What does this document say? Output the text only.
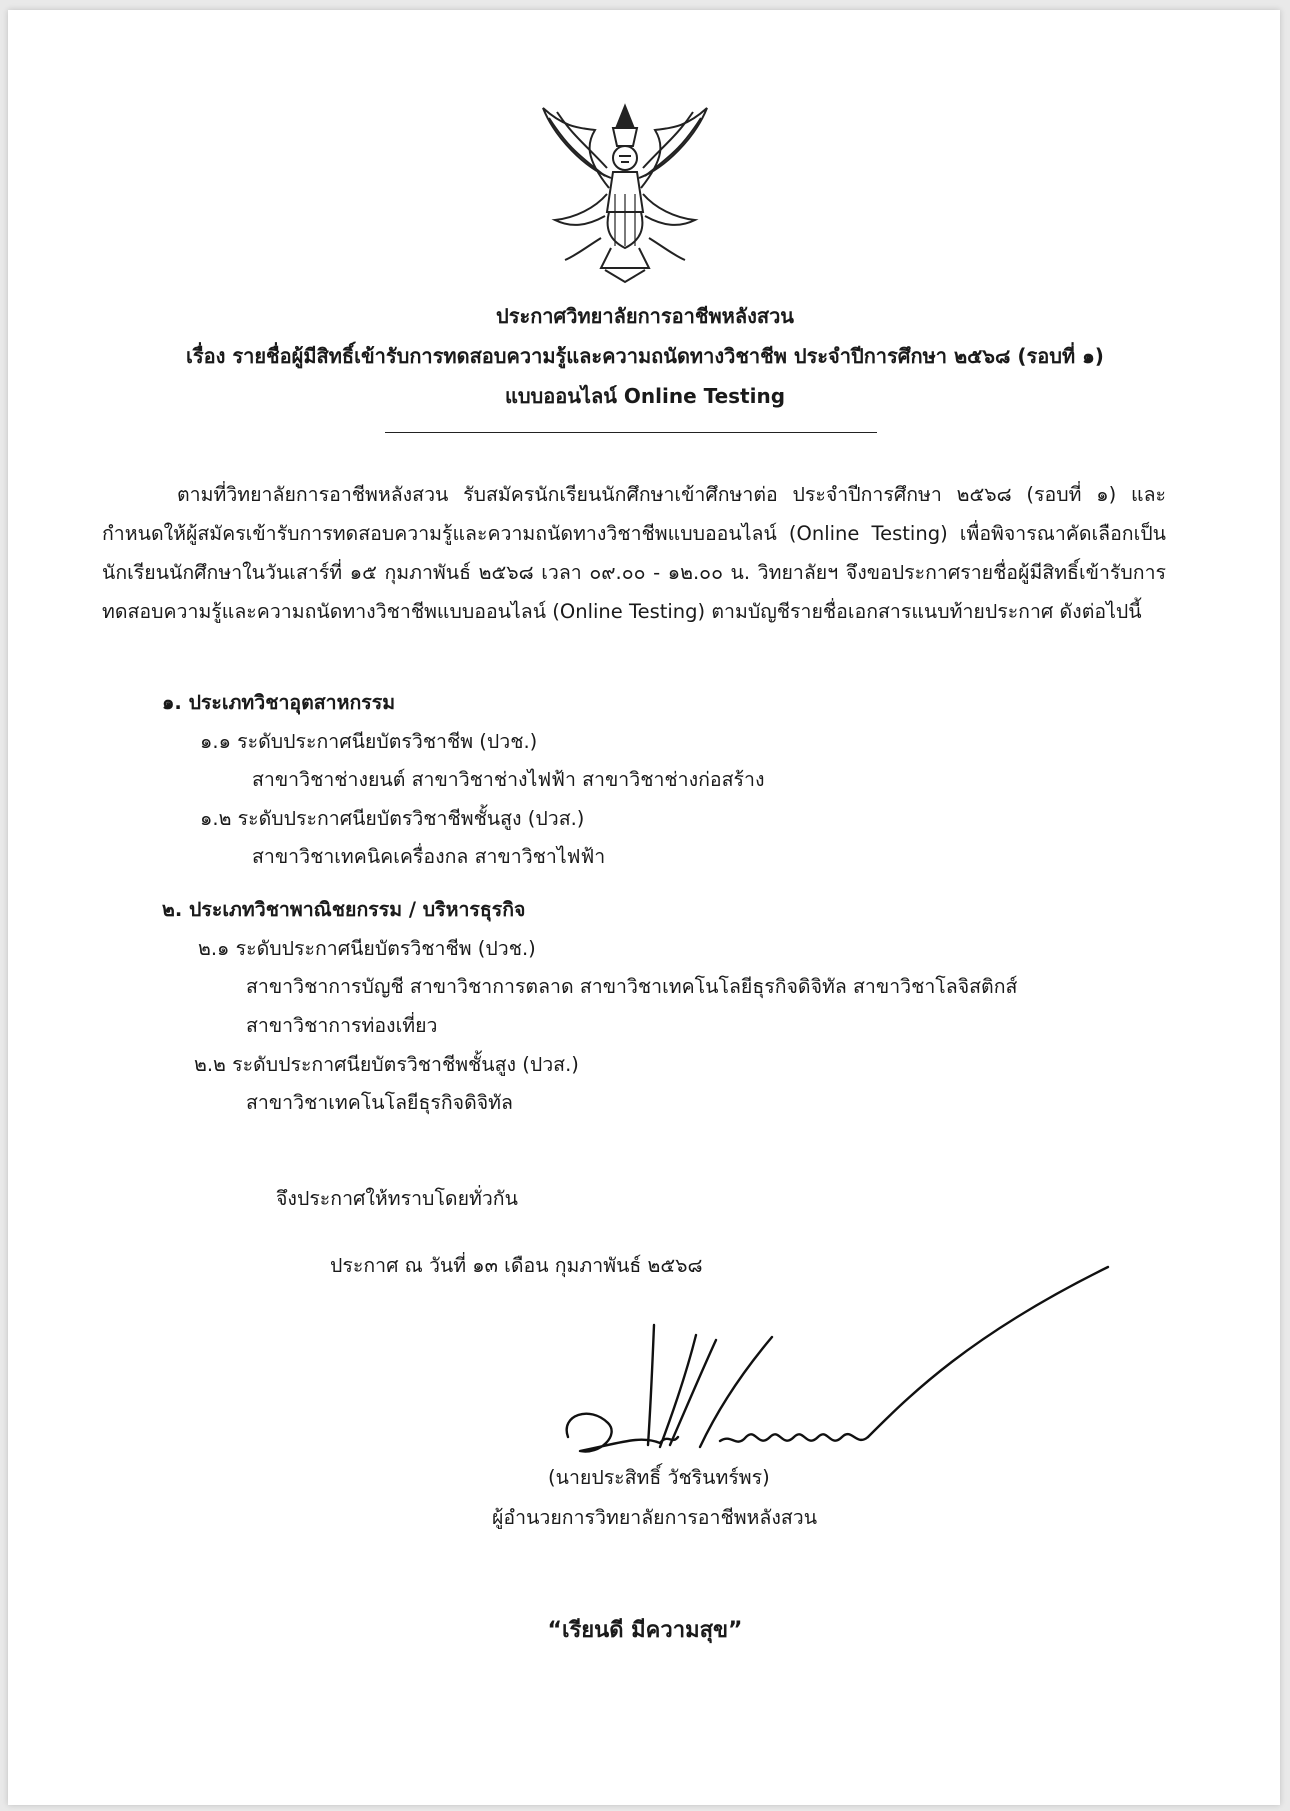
ประกาศวิทยาลัยการอาชีพหลังสวน
เรื่อง รายชื่อผู้มีสิทธิ์เข้ารับการทดสอบความรู้และความถนัดทางวิชาชีพ ประจำปีการศึกษา ๒๕๖๘ (รอบที่ ๑)
แบบออนไลน์ Online Testing
ตามที่วิทยาลัยการอาชีพหลังสวน รับสมัครนักเรียนนักศึกษาเข้าศึกษาต่อ ประจำปีการศึกษา ๒๕๖๘ (รอบที่ ๑) และกำหนดให้ผู้สมัครเข้ารับการทดสอบความรู้และความถนัดทางวิชาชีพแบบออนไลน์ (Online Testing) เพื่อพิจารณาคัดเลือกเป็นนักเรียนนักศึกษาในวันเสาร์ที่ ๑๕ กุมภาพันธ์ ๒๕๖๘ เวลา ๐๙.๐๐ - ๑๒.๐๐ น. วิทยาลัยฯ จึงขอประกาศรายชื่อผู้มีสิทธิ์เข้ารับการทดสอบความรู้และความถนัดทางวิชาชีพแบบออนไลน์ (Online Testing) ตามบัญชีรายชื่อเอกสารแนบท้ายประกาศ ดังต่อไปนี้
๑. ประเภทวิชาอุตสาหกรรม
๑.๑ ระดับประกาศนียบัตรวิชาชีพ (ปวช.)
สาขาวิชาช่างยนต์ สาขาวิชาช่างไฟฟ้า สาขาวิชาช่างก่อสร้าง
๑.๒ ระดับประกาศนียบัตรวิชาชีพชั้นสูง (ปวส.)
สาขาวิชาเทคนิคเครื่องกล สาขาวิชาไฟฟ้า
๒. ประเภทวิชาพาณิชยกรรม / บริหารธุรกิจ
๒.๑ ระดับประกาศนียบัตรวิชาชีพ (ปวช.)
สาขาวิชาการบัญชี สาขาวิชาการตลาด สาขาวิชาเทคโนโลยีธุรกิจดิจิทัล สาขาวิชาโลจิสติกส์
สาขาวิชาการท่องเที่ยว
๒.๒ ระดับประกาศนียบัตรวิชาชีพชั้นสูง (ปวส.)
สาขาวิชาเทคโนโลยีธุรกิจดิจิทัล
จึงประกาศให้ทราบโดยทั่วกัน
ประกาศ ณ วันที่ ๑๓ เดือน กุมภาพันธ์ ๒๕๖๘
(นายประสิทธิ์ วัชรินทร์พร)
ผู้อำนวยการวิทยาลัยการอาชีพหลังสวน
“เรียนดี มีความสุข”
